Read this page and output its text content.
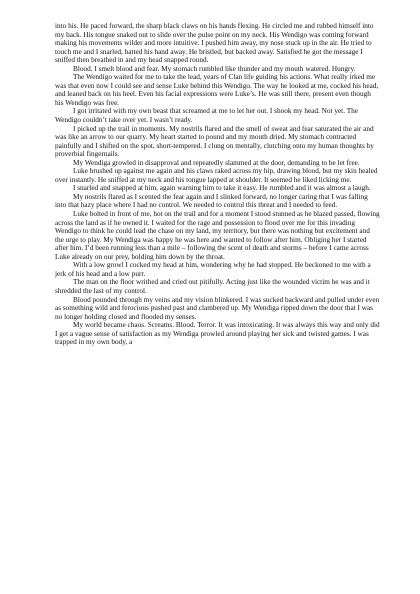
into his. He paced forward, the sharp black claws on his hands flexing. He circled me and rubbed himself into my back. His tongue snaked out to slide over the pulse point on my neck. His Wendigo was coming forward making his movements wilder and more intuitive. I pushed him away, my nose stuck up in the air. He tried to touch me and I snarled, batted his hand away. He bristled, but backed away. Satisfied he got the message I sniffed then breathed in and my head snapped round.

Blood. I smelt blood and fear. My stomach rumbled like thunder and my mouth watered. Hungry.

The Wendigo waited for me to take the lead, years of Clan life guiding his actions. What really irked me was that even now I could see and sense Luke behind this Wendigo. The way he looked at me, cocked his head, and leaned back on his heel. Even his facial expressions were Luke’s. He was still there, present even though his Wendigo was free.

I got irritated with my own beast that screamed at me to let her out. I shook my head. Not yet. The Wendigo couldn’t take over yet. I wasn’t ready.

I picked up the trail in moments. My nostrils flared and the smell of sweat and fear saturated the air and was like an arrow to our quarry. My heart started to pound and my mouth dried. My stomach contracted painfully and I shifted on the spot, short-tempered. I clung on mentally, clutching onto my human thoughts by proverbial fingernails.

My Wendiga growled in disapproval and repeatedly slammed at the door, demanding to be let free.

Luke brushed up against me again and his claws raked across my hip, drawing blood, but my skin healed over instantly. He sniffed at my neck and his tongue lapped at shoulder. It seemed he liked licking me.

I snarled and snapped at him, again warning him to take it easy. He rumbled and it was almost a laugh.

My nostrils flared as I scented the fear again and I slinked forward, no longer caring that I was falling into that hazy place where I had no control. We needed to control this threat and I needed to feed.

Luke bolted in front of me, hot on the trail and for a moment I stood stunned as he blazed passed, flowing across the land as if he owned it. I waited for the rage and possession to flood over me for this invading Wendigo to think he could lead the chase on my land, my territory, but there was nothing but excitement and the urge to play. My Wendiga was happy he was here and wanted to follow after him. Obliging her I started after him. I’d been running less than a mile – following the scent of death and storms – before I came across Luke already on our prey, holding him down by the throat.

With a low growl I cocked my head at him, wondering why he had stopped. He beckoned to me with a jerk of his head and a low purr.

The man on the floor writhed and cried out pitifully. Acting just like the wounded victim he was and it shredded the last of my control.

Blood pounded through my veins and my vision blinkered. I was sucked backward and pulled under even as something wild and ferocious pushed past and clambered up. My Wendiga ripped down the door that I was no longer holding closed and flooded my senses.

My world became chaos. Screams. Blood. Terror. It was intoxicating. It was always this way and only did I get a vague sense of satisfaction as my Wendiga prowled around playing her sick and twisted games. I was trapped in my own body, a
